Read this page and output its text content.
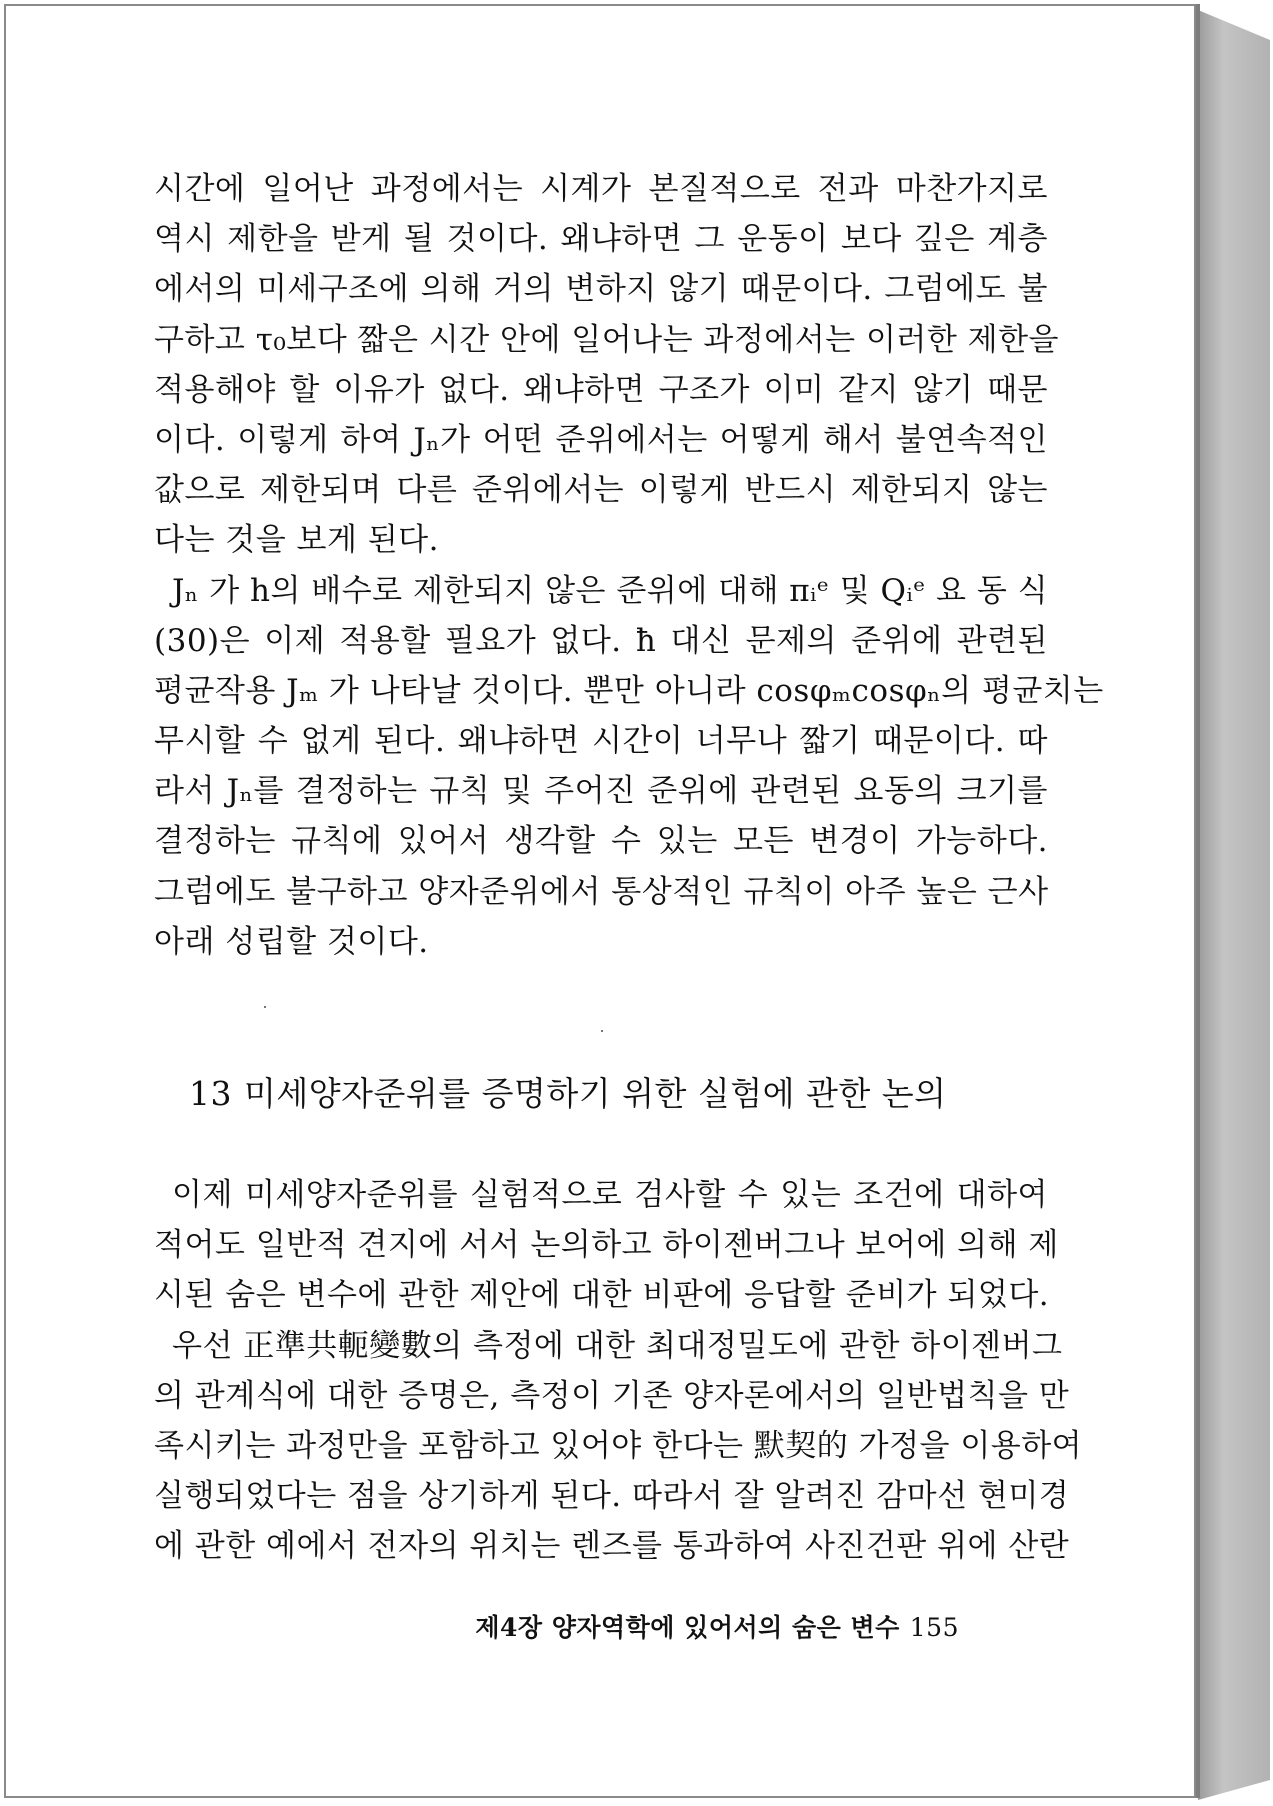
시간에 일어난 과정에서는 시계가 본질적으로 전과 마찬가지로
역시 제한을 받게 될 것이다. 왜냐하면 그 운동이 보다 깊은 계층
에서의 미세구조에 의해 거의 변하지 않기 때문이다. 그럼에도 불
구하고 τ₀보다 짧은 시간 안에 일어나는 과정에서는 이러한 제한을
적용해야 할 이유가 없다. 왜냐하면 구조가 이미 같지 않기 때문
이다. 이렇게 하여 Jₙ가 어떤 준위에서는 어떻게 해서 불연속적인
값으로 제한되며 다른 준위에서는 이렇게 반드시 제한되지 않는
다는 것을 보게 된다.
Jₙ 가 h의 배수로 제한되지 않은 준위에 대해 πᵢᵉ 및 Qᵢᵉ 요 동 식
(30)은 이제 적용할 필요가 없다. ħ 대신 문제의 준위에 관련된
평균작용 Jₘ 가 나타날 것이다. 뿐만 아니라 cosφₘcosφₙ의 평균치는
무시할 수 없게 된다. 왜냐하면 시간이 너무나 짧기 때문이다. 따
라서 Jₙ를 결정하는 규칙 및 주어진 준위에 관련된 요동의 크기를
결정하는 규칙에 있어서 생각할 수 있는 모든 변경이 가능하다.
그럼에도 불구하고 양자준위에서 통상적인 규칙이 아주 높은 근사
아래 성립할 것이다.
13 미세양자준위를 증명하기 위한 실험에 관한 논의
이제 미세양자준위를 실험적으로 검사할 수 있는 조건에 대하여
적어도 일반적 견지에 서서 논의하고 하이젠버그나 보어에 의해 제
시된 숨은 변수에 관한 제안에 대한 비판에 응답할 준비가 되었다.
우선 正準共軛變數의 측정에 대한 최대정밀도에 관한 하이젠버그
의 관계식에 대한 증명은, 측정이 기존 양자론에서의 일반법칙을 만
족시키는 과정만을 포함하고 있어야 한다는 默契的 가정을 이용하여
실행되었다는 점을 상기하게 된다. 따라서 잘 알려진 감마선 현미경
에 관한 예에서 전자의 위치는 렌즈를 통과하여 사진건판 위에 산란
제4장 양자역학에 있어서의 숨은 변수 155
